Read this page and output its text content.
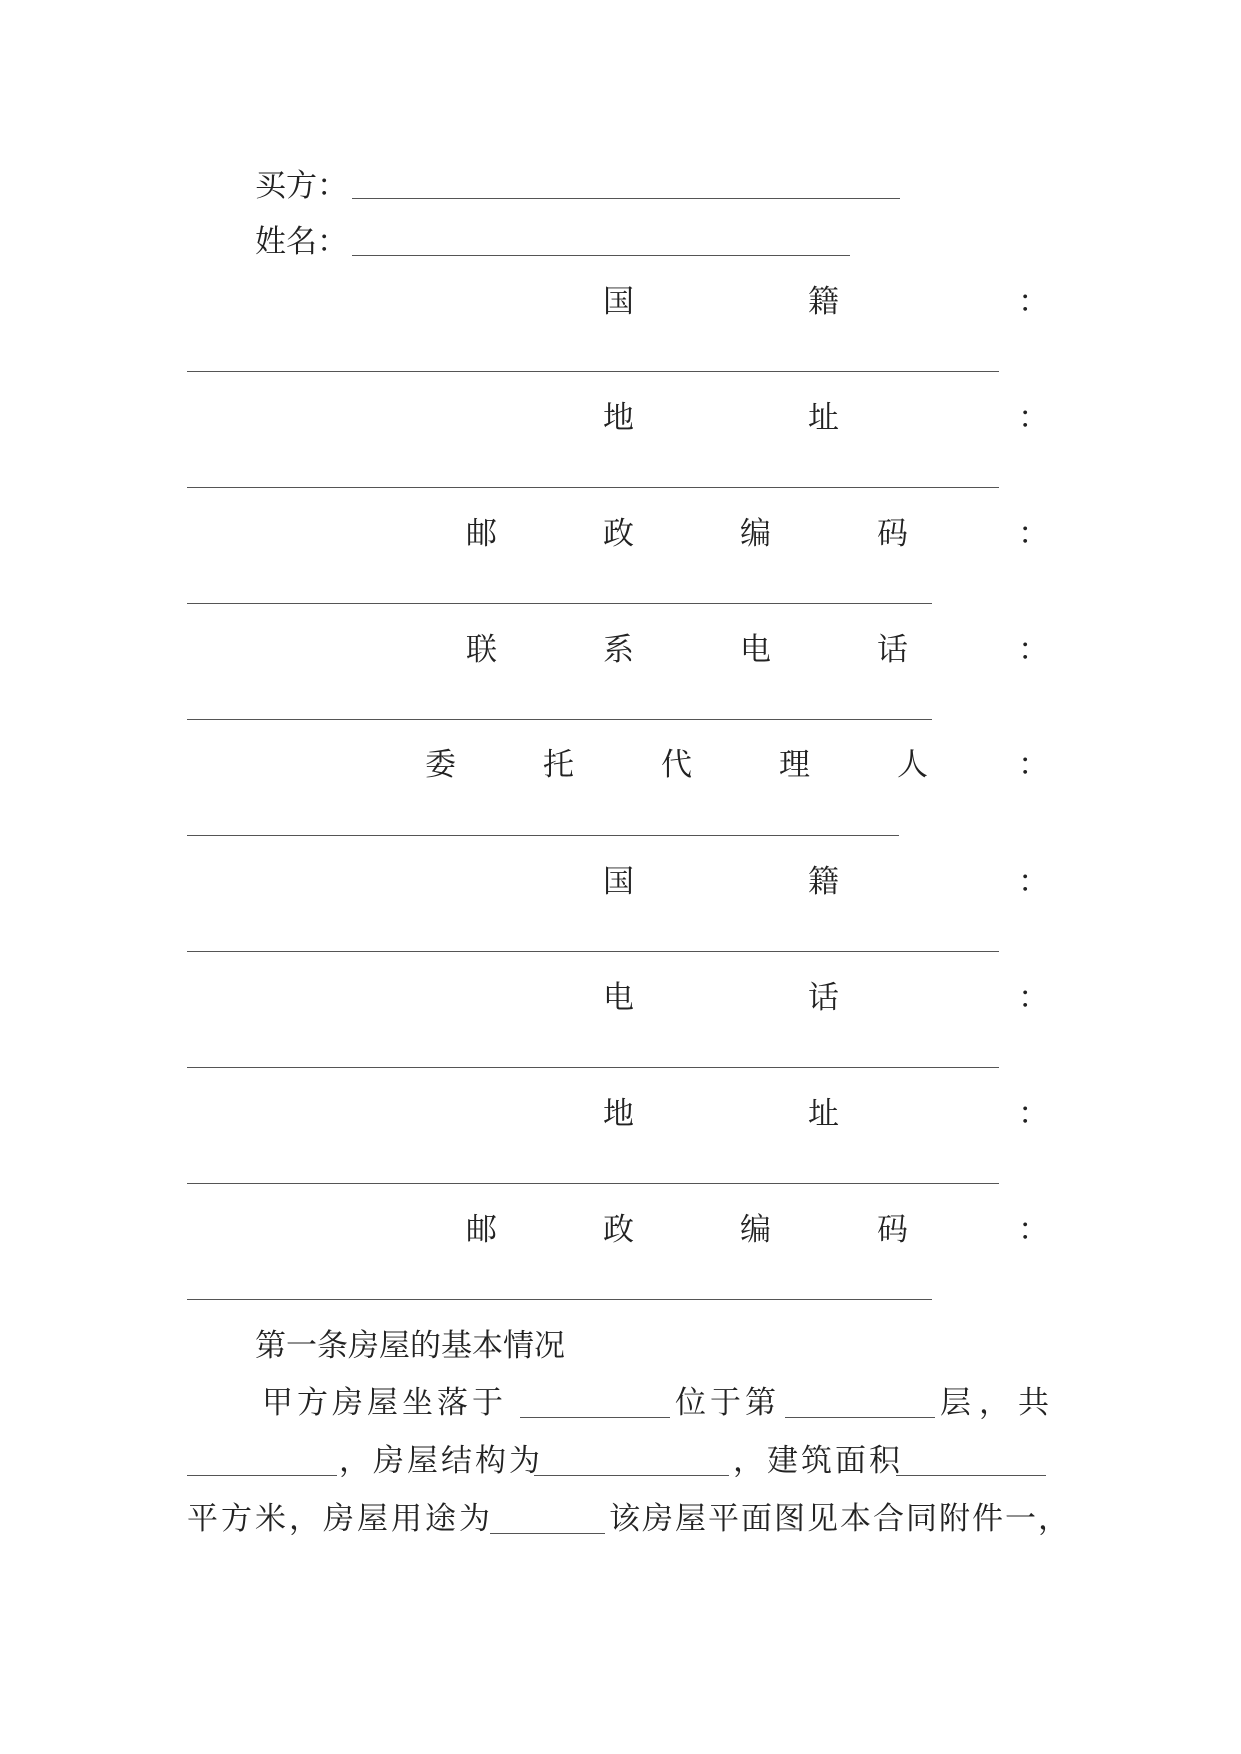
买方：
姓名：
国	籍	：
地	址	：
邮	政	编	码	：
联	系	电	话	：
委	托	代	理	人	：
国	籍	：
电	话	：
地	址	：
邮	政	编	码	：
第一条房屋的基本情况
甲方房屋坐落于	位于第	层，共
，房屋结构为	，建筑面积
平方米，房屋用途为	该房屋平面图见本合同附件一，
